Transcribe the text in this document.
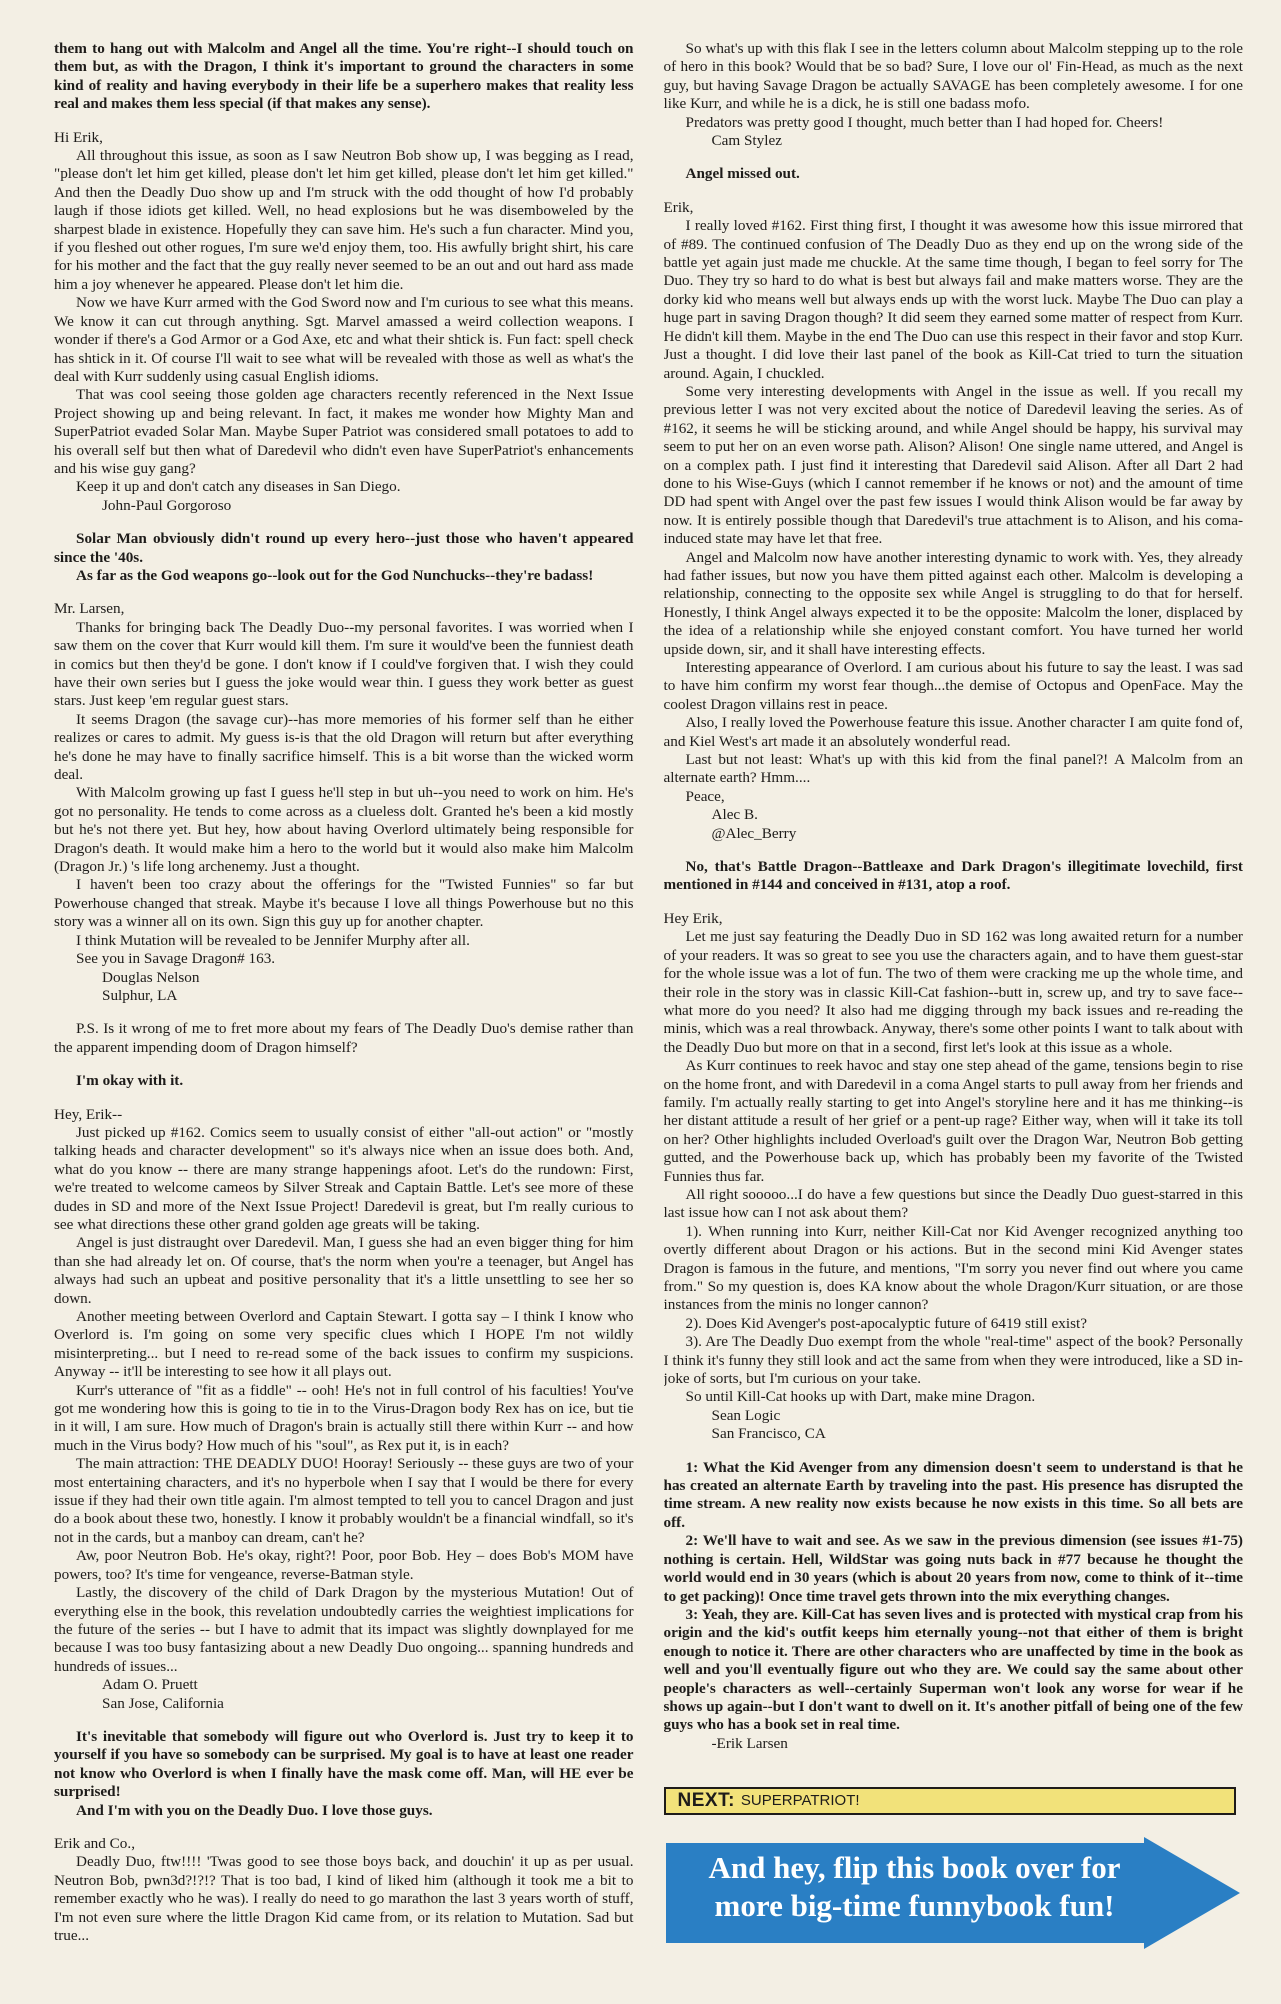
them to hang out with Malcolm and Angel all the time. You're right--I should touch on them but, as with the Dragon, I think it's important to ground the characters in some kind of reality and having everybody in their life be a superhero makes that reality less real and makes them less special (if that makes any sense).

Hi Erik,

All throughout this issue, as soon as I saw Neutron Bob show up, I was begging as I read, "please don't let him get killed, please don't let him get killed, please don't let him get killed." And then the Deadly Duo show up and I'm struck with the odd thought of how I'd probably laugh if those idiots get killed. Well, no head explosions but he was disemboweled by the sharpest blade in existence. Hopefully they can save him. He's such a fun character. Mind you, if you fleshed out other rogues, I'm sure we'd enjoy them, too. His awfully bright shirt, his care for his mother and the fact that the guy really never seemed to be an out and out hard ass made him a joy whenever he appeared. Please don't let him die.

Now we have Kurr armed with the God Sword now and I'm curious to see what this means. We know it can cut through anything. Sgt. Marvel amassed a weird collection weapons. I wonder if there's a God Armor or a God Axe, etc and what their shtick is. Fun fact: spell check has shtick in it. Of course I'll wait to see what will be revealed with those as well as what's the deal with Kurr suddenly using casual English idioms.

That was cool seeing those golden age characters recently referenced in the Next Issue Project showing up and being relevant. In fact, it makes me wonder how Mighty Man and SuperPatriot evaded Solar Man. Maybe Super Patriot was considered small potatoes to add to his overall self but then what of Daredevil who didn't even have SuperPatriot's enhancements and his wise guy gang?

Keep it up and don't catch any diseases in San Diego.

John-Paul Gorgoroso

Solar Man obviously didn't round up every hero--just those who haven't appeared since the '40s.

As far as the God weapons go--look out for the God Nunchucks--they're badass!

Mr. Larsen,

Thanks for bringing back The Deadly Duo--my personal favorites. I was worried when I saw them on the cover that Kurr would kill them. I'm sure it would've been the funniest death in comics but then they'd be gone. I don't know if I could've forgiven that. I wish they could have their own series but I guess the joke would wear thin. I guess they work better as guest stars. Just keep 'em regular guest stars.

It seems Dragon (the savage cur)--has more memories of his former self than he either realizes or cares to admit. My guess is-is that the old Dragon will return but after everything he's done he may have to finally sacrifice himself. This is a bit worse than the wicked worm deal.

With Malcolm growing up fast I guess he'll step in but uh--you need to work on him. He's got no personality. He tends to come across as a clueless dolt. Granted he's been a kid mostly but he's not there yet. But hey, how about having Overlord ultimately being responsible for Dragon's death. It would make him a hero to the world but it would also make him Malcolm (Dragon Jr.) 's life long archenemy. Just a thought.

I haven't been too crazy about the offerings for the "Twisted Funnies" so far but Powerhouse changed that streak. Maybe it's because I love all things Powerhouse but no this story was a winner all on its own. Sign this guy up for another chapter.

I think Mutation will be revealed to be Jennifer Murphy after all.

See you in Savage Dragon# 163.

Douglas Nelson

Sulphur, LA

P.S. Is it wrong of me to fret more about my fears of The Deadly Duo's demise rather than the apparent impending doom of Dragon himself?

I'm okay with it.

Hey, Erik--

Just picked up #162. Comics seem to usually consist of either "all-out action" or "mostly talking heads and character development" so it's always nice when an issue does both. And, what do you know -- there are many strange happenings afoot. Let's do the rundown: First, we're treated to welcome cameos by Silver Streak and Captain Battle. Let's see more of these dudes in SD and more of the Next Issue Project! Daredevil is great, but I'm really curious to see what directions these other grand golden age greats will be taking.

Angel is just distraught over Daredevil. Man, I guess she had an even bigger thing for him than she had already let on. Of course, that's the norm when you're a teenager, but Angel has always had such an upbeat and positive personality that it's a little unsettling to see her so down.

Another meeting between Overlord and Captain Stewart. I gotta say – I think I know who Overlord is. I'm going on some very specific clues which I HOPE I'm not wildly misinterpreting... but I need to re-read some of the back issues to confirm my suspicions. Anyway -- it'll be interesting to see how it all plays out.

Kurr's utterance of "fit as a fiddle" -- ooh! He's not in full control of his faculties! You've got me wondering how this is going to tie in to the Virus-Dragon body Rex has on ice, but tie in it will, I am sure. How much of Dragon's brain is actually still there within Kurr -- and how much in the Virus body? How much of his "soul", as Rex put it, is in each?

The main attraction: THE DEADLY DUO! Hooray! Seriously -- these guys are two of your most entertaining characters, and it's no hyperbole when I say that I would be there for every issue if they had their own title again. I'm almost tempted to tell you to cancel Dragon and just do a book about these two, honestly. I know it probably wouldn't be a financial windfall, so it's not in the cards, but a manboy can dream, can't he?

Aw, poor Neutron Bob. He's okay, right?! Poor, poor Bob. Hey – does Bob's MOM have powers, too? It's time for vengeance, reverse-Batman style.

Lastly, the discovery of the child of Dark Dragon by the mysterious Mutation! Out of everything else in the book, this revelation undoubtedly carries the weightiest implications for the future of the series -- but I have to admit that its impact was slightly downplayed for me because I was too busy fantasizing about a new Deadly Duo ongoing... spanning hundreds and hundreds of issues...

Adam O. Pruett

San Jose, California

It's inevitable that somebody will figure out who Overlord is. Just try to keep it to yourself if you have so somebody can be surprised. My goal is to have at least one reader not know who Overlord is when I finally have the mask come off. Man, will HE ever be surprised!

And I'm with you on the Deadly Duo. I love those guys.

Erik and Co.,

Deadly Duo, ftw!!!! 'Twas good to see those boys back, and douchin' it up as per usual. Neutron Bob, pwn3d?!?!? That is too bad, I kind of liked him (although it took me a bit to remember exactly who he was). I really do need to go marathon the last 3 years worth of stuff, I'm not even sure where the little Dragon Kid came from, or its relation to Mutation. Sad but true...

So what's up with this flak I see in the letters column about Malcolm stepping up to the role of hero in this book? Would that be so bad? Sure, I love our ol' Fin-Head, as much as the next guy, but having Savage Dragon be actually SAVAGE has been completely awesome. I for one like Kurr, and while he is a dick, he is still one badass mofo.

Predators was pretty good I thought, much better than I had hoped for. Cheers!

Cam Stylez

Angel missed out.

Erik,

I really loved #162. First thing first, I thought it was awesome how this issue mirrored that of #89. The continued confusion of The Deadly Duo as they end up on the wrong side of the battle yet again just made me chuckle. At the same time though, I began to feel sorry for The Duo. They try so hard to do what is best but always fail and make matters worse. They are the dorky kid who means well but always ends up with the worst luck. Maybe The Duo can play a huge part in saving Dragon though? It did seem they earned some matter of respect from Kurr. He didn't kill them. Maybe in the end The Duo can use this respect in their favor and stop Kurr. Just a thought. I did love their last panel of the book as Kill-Cat tried to turn the situation around. Again, I chuckled.

Some very interesting developments with Angel in the issue as well. If you recall my previous letter I was not very excited about the notice of Daredevil leaving the series. As of #162, it seems he will be sticking around, and while Angel should be happy, his survival may seem to put her on an even worse path. Alison? Alison! One single name uttered, and Angel is on a complex path. I just find it interesting that Daredevil said Alison. After all Dart 2 had done to his Wise-Guys (which I cannot remember if he knows or not) and the amount of time DD had spent with Angel over the past few issues I would think Alison would be far away by now. It is entirely possible though that Daredevil's true attachment is to Alison, and his coma-induced state may have let that free.

Angel and Malcolm now have another interesting dynamic to work with. Yes, they already had father issues, but now you have them pitted against each other. Malcolm is developing a relationship, connecting to the opposite sex while Angel is struggling to do that for herself. Honestly, I think Angel always expected it to be the opposite: Malcolm the loner, displaced by the idea of a relationship while she enjoyed constant comfort. You have turned her world upside down, sir, and it shall have interesting effects.

Interesting appearance of Overlord. I am curious about his future to say the least. I was sad to have him confirm my worst fear though...the demise of Octopus and OpenFace. May the coolest Dragon villains rest in peace.

Also, I really loved the Powerhouse feature this issue. Another character I am quite fond of, and Kiel West's art made it an absolutely wonderful read.

Last but not least: What's up with this kid from the final panel?! A Malcolm from an alternate earth? Hmm....

Peace,

Alec B.

@Alec_Berry

No, that's Battle Dragon--Battleaxe and Dark Dragon's illegitimate lovechild, first mentioned in #144 and conceived in #131, atop a roof.

Hey Erik,

Let me just say featuring the Deadly Duo in SD 162 was long awaited return for a number of your readers. It was so great to see you use the characters again, and to have them guest-star for the whole issue was a lot of fun. The two of them were cracking me up the whole time, and their role in the story was in classic Kill-Cat fashion--butt in, screw up, and try to save face--what more do you need? It also had me digging through my back issues and re-reading the minis, which was a real throwback. Anyway, there's some other points I want to talk about with the Deadly Duo but more on that in a second, first let's look at this issue as a whole.

As Kurr continues to reek havoc and stay one step ahead of the game, tensions begin to rise on the home front, and with Daredevil in a coma Angel starts to pull away from her friends and family. I'm actually really starting to get into Angel's storyline here and it has me thinking--is her distant attitude a result of her grief or a pent-up rage? Either way, when will it take its toll on her? Other highlights included Overload's guilt over the Dragon War, Neutron Bob getting gutted, and the Powerhouse back up, which has probably been my favorite of the Twisted Funnies thus far.

All right sooooo...I do have a few questions but since the Deadly Duo guest-starred in this last issue how can I not ask about them?

1). When running into Kurr, neither Kill-Cat nor Kid Avenger recognized anything too overtly different about Dragon or his actions. But in the second mini Kid Avenger states Dragon is famous in the future, and mentions, "I'm sorry you never find out where you came from." So my question is, does KA know about the whole Dragon/Kurr situation, or are those instances from the minis no longer cannon?

2). Does Kid Avenger's post-apocalyptic future of 6419 still exist?

3). Are The Deadly Duo exempt from the whole "real-time" aspect of the book? Personally I think it's funny they still look and act the same from when they were introduced, like a SD in-joke of sorts, but I'm curious on your take.

So until Kill-Cat hooks up with Dart, make mine Dragon.

Sean Logic

San Francisco, CA

1: What the Kid Avenger from any dimension doesn't seem to understand is that he has created an alternate Earth by traveling into the past. His presence has disrupted the time stream. A new reality now exists because he now exists in this time. So all bets are off.

2: We'll have to wait and see. As we saw in the previous dimension (see issues #1-75) nothing is certain. Hell, WildStar was going nuts back in #77 because he thought the world would end in 30 years (which is about 20 years from now, come to think of it--time to get packing)! Once time travel gets thrown into the mix everything changes.

3: Yeah, they are. Kill-Cat has seven lives and is protected with mystical crap from his origin and the kid's outfit keeps him eternally young--not that either of them is bright enough to notice it. There are other characters who are unaffected by time in the book as well and you'll eventually figure out who they are. We could say the same about other people's characters as well--certainly Superman won't look any worse for wear if he shows up again--but I don't want to dwell on it. It's another pitfall of being one of the few guys who has a book set in real time.

-Erik Larsen

NEXT: SUPERPATRIOT!
And hey, flip this book over for
more big-time funnybook fun!
